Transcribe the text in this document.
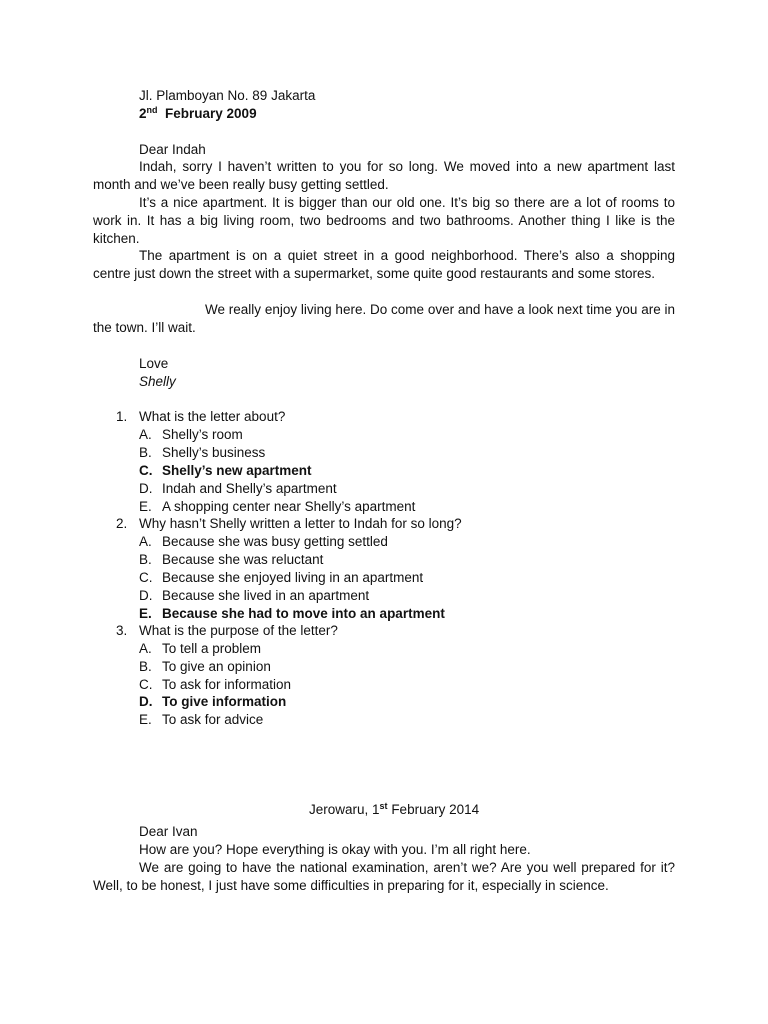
Jl. Plamboyan No. 89 Jakarta
2nd  February 2009
Dear Indah

Indah, sorry I haven’t written to you for so long. We moved into a new apartment last month and we’ve been really busy getting settled.

It’s a nice apartment. It is bigger than our old one. It’s big so there are a lot of rooms to work in. It has a big living room, two bedrooms and two bathrooms. Another thing I like is the kitchen.

The apartment is on a quiet street in a good neighborhood. There’s also a shopping centre just down the street with a supermarket, some quite good restaurants and some stores.

We really enjoy living here. Do come over and have a look next time you are in the town. I’ll wait.

Love
Shelly
1. What is the letter about?
A. Shelly’s room
B. Shelly’s business
C. Shelly’s new apartment
D. Indah and Shelly’s apartment
E. A shopping center near Shelly’s apartment
2. Why hasn’t Shelly written a letter to Indah for so long?
A. Because she was busy getting settled
B. Because she was reluctant
C. Because she enjoyed living in an apartment
D. Because she lived in an apartment
E. Because she had to move into an apartment
3. What is the purpose of the letter?
A. To tell a problem
B. To give an opinion
C. To ask for information
D. To give information
E. To ask for advice
Jerowaru, 1st February 2014
Dear Ivan
How are you? Hope everything is okay with you. I’m all right here.

We are going to have the national examination, aren’t we? Are you well prepared for it? Well, to be honest, I just have some difficulties in preparing for it, especially in science.
